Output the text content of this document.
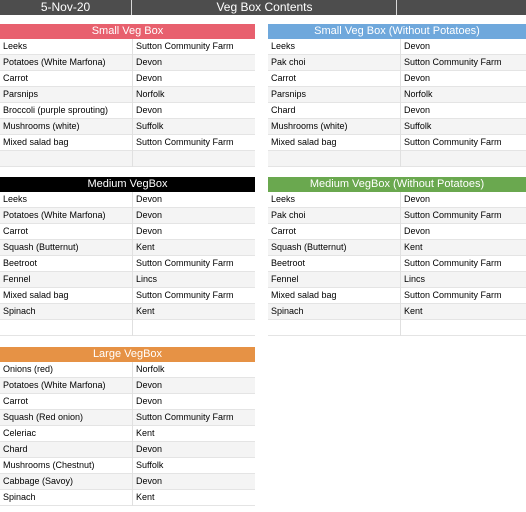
5-Nov-20	Veg Box Contents
Small Veg Box
Leeks	Sutton Community Farm
Potatoes (White Marfona)	Devon
Carrot	Devon
Parsnips	Norfolk
Broccoli (purple sprouting)	Devon
Mushrooms (white)	Suffolk
Mixed salad bag	Sutton Community Farm
Small Veg Box (Without Potatoes)
Leeks	Devon
Pak choi	Sutton Community Farm
Carrot	Devon
Parsnips	Norfolk
Chard	Devon
Mushrooms (white)	Suffolk
Mixed salad bag	Sutton Community Farm
Medium VegBox
Leeks	Devon
Potatoes (White Marfona)	Devon
Carrot	Devon
Squash (Butternut)	Kent
Beetroot	Sutton Community Farm
Fennel	Lincs
Mixed salad bag	Sutton Community Farm
Spinach	Kent
Medium VegBox (Without Potatoes)
Leeks	Devon
Pak choi	Sutton Community Farm
Carrot	Devon
Squash (Butternut)	Kent
Beetroot	Sutton Community Farm
Fennel	Lincs
Mixed salad bag	Sutton Community Farm
Spinach	Kent
Large VegBox
Onions (red)	Norfolk
Potatoes (White Marfona)	Devon
Carrot	Devon
Squash (Red onion)	Sutton Community Farm
Celeriac	Kent
Chard	Devon
Mushrooms (Chestnut)	Suffolk
Cabbage (Savoy)	Devon
Spinach	Kent
